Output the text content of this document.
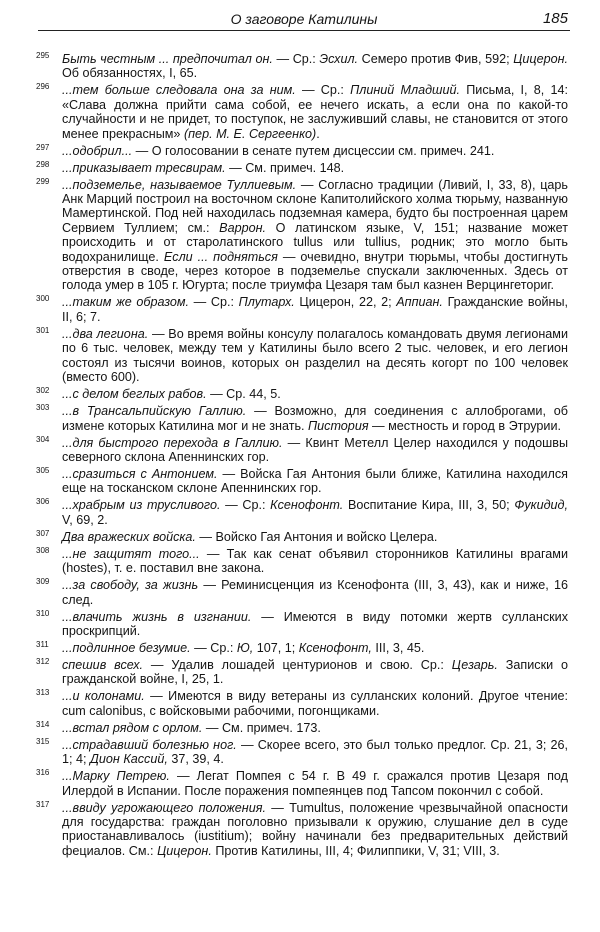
О заговоре Катилины	185
295 Быть честным ... предпочитал он. — Ср.: Эсхил. Семеро против Фив, 592; Цицерон. Об обязанностях, I, 65.
296 ...тем больше следовала она за ним. — Ср.: Плиний Младший. Письма, I, 8, 14: «Слава должна прийти сама собой, ее нечего искать, а если она по какой-то случайности и не придет, то поступок, не заслуживший славы, не становится от этого менее прекрасным» (пер. М. Е. Сергеенко).
297 ...одобрил... — О голосовании в сенате путем дисцессии см. примеч. 241.
298 ...приказывает тресвирам. — См. примеч. 148.
299 ...подземелье, называемое Туллиевым. — Согласно традиции (Ливий, I, 33, 8), царь Анк Марций построил на восточном склоне Капитолийского холма тюрьму, названную Мамертинской. Под ней находилась подземная камера, будто бы построенная царем Сервием Туллием; см.: Варрон. О латинском языке, V, 151; название может происходить и от старолатинского tullus или tullius, родник; это могло быть водохранилище. Если ... подняться — очевидно, внутри тюрьмы, чтобы достигнуть отверстия в своде, через которое в подземелье спускали заключенных. Здесь от голода умер в 105 г. Югурта; после триумфа Цезаря там был казнен Верцингеториг.
300 ...таким же образом. — Ср.: Плутарх. Цицерон, 22, 2; Аппиан. Гражданские войны, II, 6; 7.
301 ...два легиона. — Во время войны консулу полагалось командовать двумя легионами по 6 тыс. человек, между тем у Катилины было всего 2 тыс. человек, и его легион состоял из тысячи воинов, которых он разделил на десять когорт по 100 человек (вместо 600).
302 ...с делом беглых рабов. — Ср. 44, 5.
303 ...в Трансальпийскую Галлию. — Возможно, для соединения с аллоброгами, об измене которых Катилина мог и не знать. Пистория — местность и город в Этрурии.
304 ...для быстрого перехода в Галлию. — Квинт Метелл Целер находился у подошвы северного склона Апеннинских гор.
305 ...сразиться с Антонием. — Войска Гая Антония были ближе, Катилина находился еще на тосканском склоне Апеннинских гор.
306 ...храбрым из трусливого. — Ср.: Ксенофонт. Воспитание Кира, III, 3, 50; Фукидид, V, 69, 2.
307 Два вражеских войска. — Войско Гая Антония и войско Целера.
308 ...не защитят того... — Так как сенат объявил сторонников Катилины врагами (hostes), т. е. поставил вне закона.
309 ...за свободу, за жизнь — Реминисценция из Ксенофонта (III, 3, 43), как и ниже, 16 след.
310 ...влачить жизнь в изгнании. — Имеются в виду потомки жертв сулланских проскрипций.
311 ...подлинное безумие. — Ср.: Ю, 107, 1; Ксенофонт, III, 3, 45.
312 спешив всех. — Удалив лошадей центурионов и свою. Ср.: Цезарь. Записки о гражданской войне, I, 25, 1.
313 ...и колонами. — Имеются в виду ветераны из сулланских колоний. Другое чтение: cum calonibus, с войсковыми рабочими, погонщиками.
314 ...встал рядом с орлом. — См. примеч. 173.
315 ...страдавший болезнью ног. — Скорее всего, это был только предлог. Ср. 21, 3; 26, 1; 4; Дион Кассий, 37, 39, 4.
316 ...Марку Петрею. — Легат Помпея с 54 г. В 49 г. сражался против Цезаря под Илердой в Испании. После поражения помпеянцев под Тапсом покончил с собой.
317 ...ввиду угрожающего положения. — Tumultus, положение чрезвычайной опасности для государства: граждан поголовно призывали к оружию, слушание дел в суде приостанавливалось (iustitium); войну начинали без предварительных действий фециалов. См.: Цицерон. Против Катилины, III, 4; Филиппики, V, 31; VIII, 3.
